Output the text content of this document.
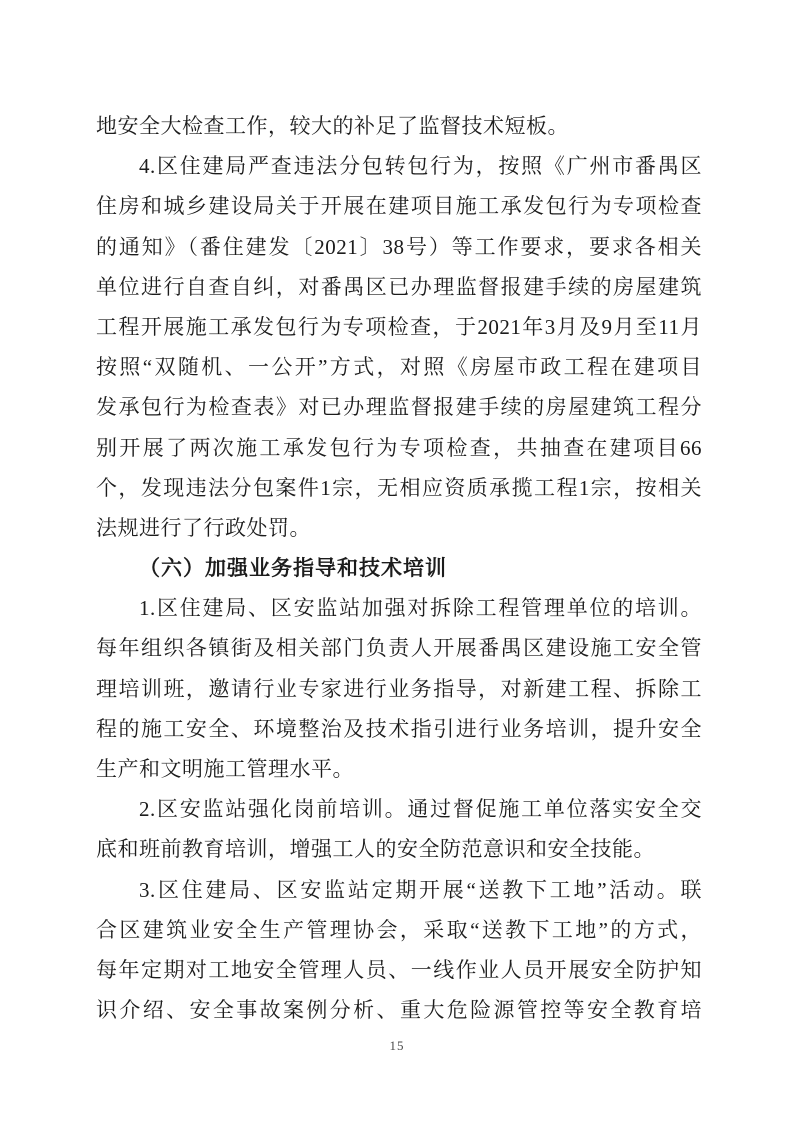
地安全大检查工作，较大的补足了监督技术短板。
4.区住建局严查违法分包转包行为，按照《广州市番禺区
住房和城乡建设局关于开展在建项目施工承发包行为专项检查
的通知》（番住建发〔2021〕38号）等工作要求，要求各相关
单位进行自查自纠，对番禺区已办理监督报建手续的房屋建筑
工程开展施工承发包行为专项检查，于2021年3月及9月至11月
按照“双随机、一公开”方式，对照《房屋市政工程在建项目
发承包行为检查表》对已办理监督报建手续的房屋建筑工程分
别开展了两次施工承发包行为专项检查，共抽查在建项目66
个，发现违法分包案件1宗，无相应资质承揽工程1宗，按相关
法规进行了行政处罚。
（六）加强业务指导和技术培训
1.区住建局、区安监站加强对拆除工程管理单位的培训。
每年组织各镇街及相关部门负责人开展番禺区建设施工安全管
理培训班，邀请行业专家进行业务指导，对新建工程、拆除工
程的施工安全、环境整治及技术指引进行业务培训，提升安全
生产和文明施工管理水平。
2.区安监站强化岗前培训。通过督促施工单位落实安全交
底和班前教育培训，增强工人的安全防范意识和安全技能。
3.区住建局、区安监站定期开展“送教下工地”活动。联
合区建筑业安全生产管理协会，采取“送教下工地”的方式，
每年定期对工地安全管理人员、一线作业人员开展安全防护知
识介绍、安全事故案例分析、重大危险源管控等安全教育培
15
